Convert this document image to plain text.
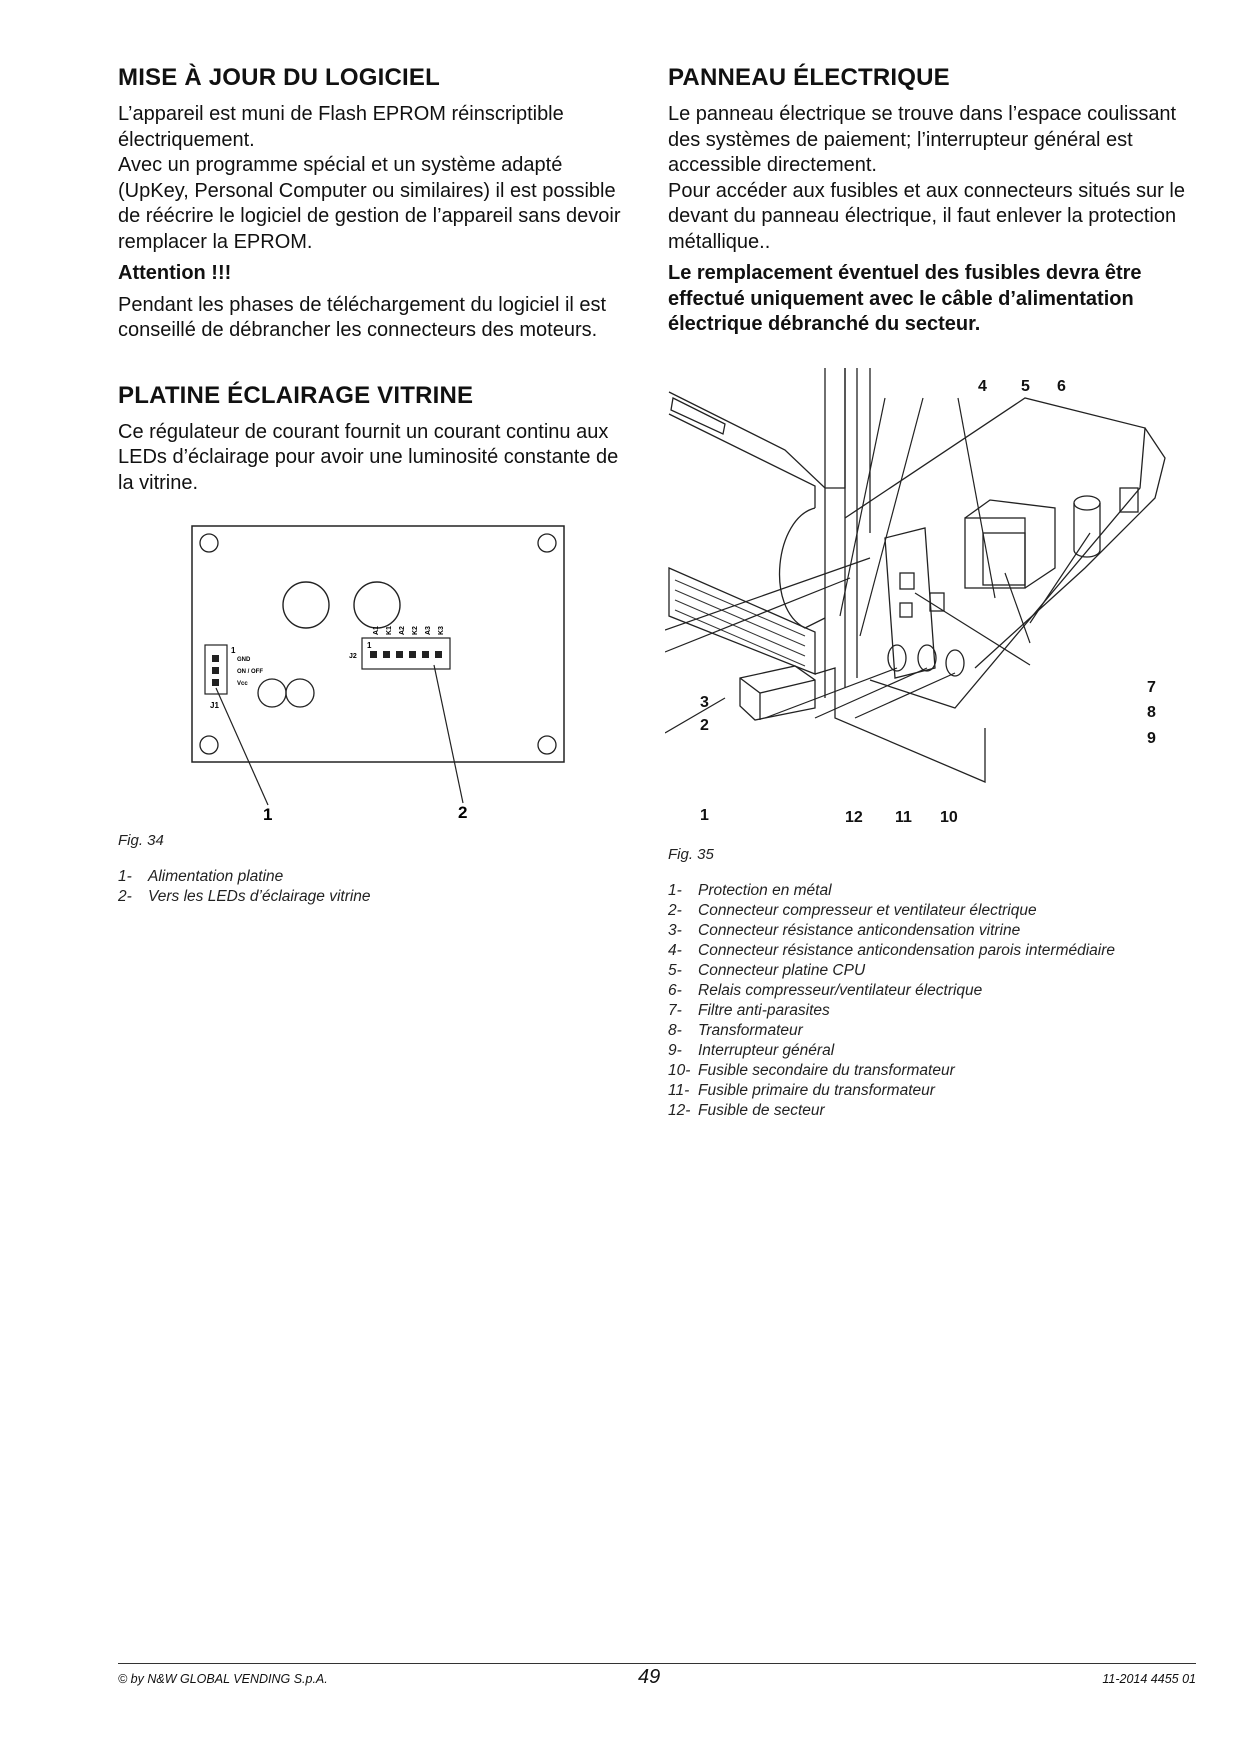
MISE À JOUR DU LOGICIEL

L’appareil est muni de Flash EPROM réinscriptible électriquement.

Avec un programme spécial et un système adapté (UpKey, Personal Computer ou similaires) il est possible de réécrire le logiciel de gestion de l’appareil sans devoir remplacer la EPROM.

Attention !!!

Pendant les phases de téléchargement du logiciel il est conseillé de débrancher les connecteurs des moteurs.

PLATINE ÉCLAIRAGE VITRINE

Ce régulateur de courant fournit un courant continu aux LEDs d’éclairage pour avoir une luminosité constante de la vitrine.

1
GND
ON / OFF
Vcc
J1
1
J2
A1 K1 A2 K2 A3 K3
1	2

Fig. 34

1-	Alimentation platine
2-	Vers les LEDs d’éclairage vitrine
PANNEAU ÉLECTRIQUE

Le panneau électrique se trouve dans l’espace coulissant des systèmes de paiement; l’interrupteur général est accessible directement.

Pour accéder aux fusibles et aux connecteurs situés sur le devant du panneau électrique, il faut enlever la protection métallique..

Le remplacement éventuel des fusibles devra être effectué uniquement avec le câble d’alimentation électrique débranché du secteur.

4 5 6
3
2
1
7
8
9
12 11 10

Fig. 35

1-	Protection en métal
2-	Connecteur compresseur et ventilateur électrique
3-	Connecteur résistance anticondensation vitrine
4-	Connecteur résistance anticondensation parois intermédiaire
5-	Connecteur platine CPU
6-	Relais compresseur/ventilateur électrique
7-	Filtre anti-parasites
8-	Transformateur
9-	Interrupteur général
10- Fusible secondaire du transformateur
11- Fusible primaire du transformateur
12- Fusible de secteur
© by N&W GLOBAL VENDING S.p.A.	49	11-2014 4455 01
